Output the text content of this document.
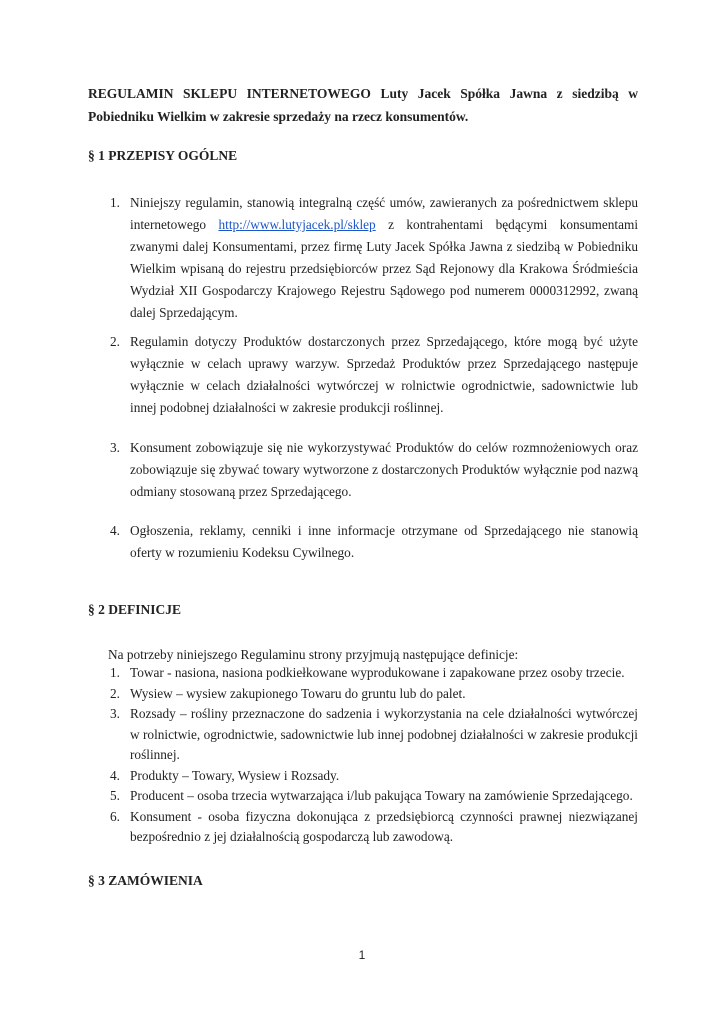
REGULAMIN SKLEPU INTERNETOWEGO Luty Jacek Spółka Jawna z siedzibą w Pobiedniku Wielkim w zakresie sprzedaży na rzecz konsumentów.
§ 1 PRZEPISY OGÓLNE
1. Niniejszy regulamin, stanowią integralną część umów, zawieranych za pośrednictwem sklepu internetowego http://www.lutyjacek.pl/sklep z kontrahentami będącymi konsumentami zwanymi dalej Konsumentami, przez firmę Luty Jacek Spółka Jawna z siedzibą w Pobiedniku Wielkim wpisaną do rejestru przedsiębiorców przez Sąd Rejonowy dla Krakowa Śródmieścia Wydział XII Gospodarczy Krajowego Rejestru Sądowego pod numerem 0000312992, zwaną dalej Sprzedającym.
2. Regulamin dotyczy Produktów dostarczonych przez Sprzedającego, które mogą być użyte wyłącznie w celach uprawy warzyw. Sprzedaż Produktów przez Sprzedającego następuje wyłącznie w celach działalności wytwórczej w rolnictwie ogrodnictwie, sadownictwie lub innej podobnej działalności w zakresie produkcji roślinnej.
3. Konsument zobowiązuje się nie wykorzystywać Produktów do celów rozmnożeniowych oraz zobowiązuje się zbywać towary wytworzone z dostarczonych Produktów wyłącznie pod nazwą odmiany stosowaną przez Sprzedającego.
4. Ogłoszenia, reklamy, cenniki i inne informacje otrzymane od Sprzedającego nie stanowią oferty w rozumieniu Kodeksu Cywilnego.
§ 2 DEFINICJE
Na potrzeby niniejszego Regulaminu strony przyjmują następujące definicje:
1. Towar - nasiona, nasiona podkiełkowane wyprodukowane i zapakowane przez osoby trzecie.
2. Wysiew – wysiew zakupionego Towaru do gruntu lub do palet.
3. Rozsady – rośliny przeznaczone do sadzenia i wykorzystania na cele działalności wytwórczej w rolnictwie, ogrodnictwie, sadownictwie lub innej podobnej działalności w zakresie produkcji roślinnej.
4. Produkty – Towary, Wysiew i Rozsady.
5. Producent – osoba trzecia wytwarzająca i/lub pakująca Towary na zamówienie Sprzedającego.
6. Konsument - osoba fizyczna dokonująca z przedsiębiorcą czynności prawnej niezwiązanej bezpośrednio z jej działalnością gospodarczą lub zawodową.
§ 3 ZAMÓWIENIA
1
